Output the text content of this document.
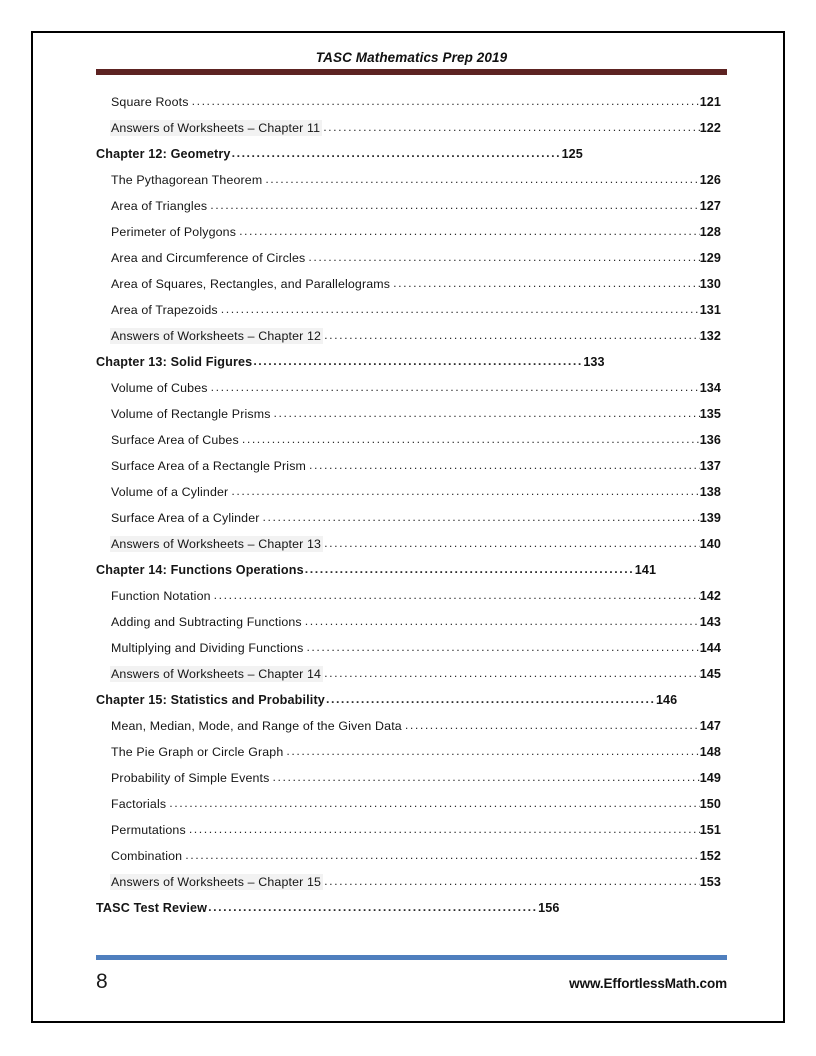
TASC Mathematics Prep 2019
Square Roots .....	121
Answers of Worksheets – Chapter 11 .....	122
Chapter 12: Geometry .....	125
The Pythagorean Theorem .....	126
Area of Triangles .....	127
Perimeter of Polygons .....	128
Area and Circumference of Circles .....	129
Area of Squares, Rectangles, and Parallelograms .....	130
Area of Trapezoids .....	131
Answers of Worksheets – Chapter 12 .....	132
Chapter 13: Solid Figures .....	133
Volume of Cubes .....	134
Volume of Rectangle Prisms .....	135
Surface Area of Cubes .....	136
Surface Area of a Rectangle Prism .....	137
Volume of a Cylinder .....	138
Surface Area of a Cylinder .....	139
Answers of Worksheets – Chapter 13 .....	140
Chapter 14: Functions Operations .....	141
Function Notation .....	142
Adding and Subtracting Functions .....	143
Multiplying and Dividing Functions .....	144
Answers of Worksheets – Chapter 14 .....	145
Chapter 15: Statistics and Probability .....	146
Mean, Median, Mode, and Range of the Given Data .....	147
The Pie Graph or Circle Graph .....	148
Probability of Simple Events .....	149
Factorials .....	150
Permutations .....	151
Combination .....	152
Answers of Worksheets – Chapter 15 .....	153
TASC Test Review .....	156
8	www.EffortlessMath.com
